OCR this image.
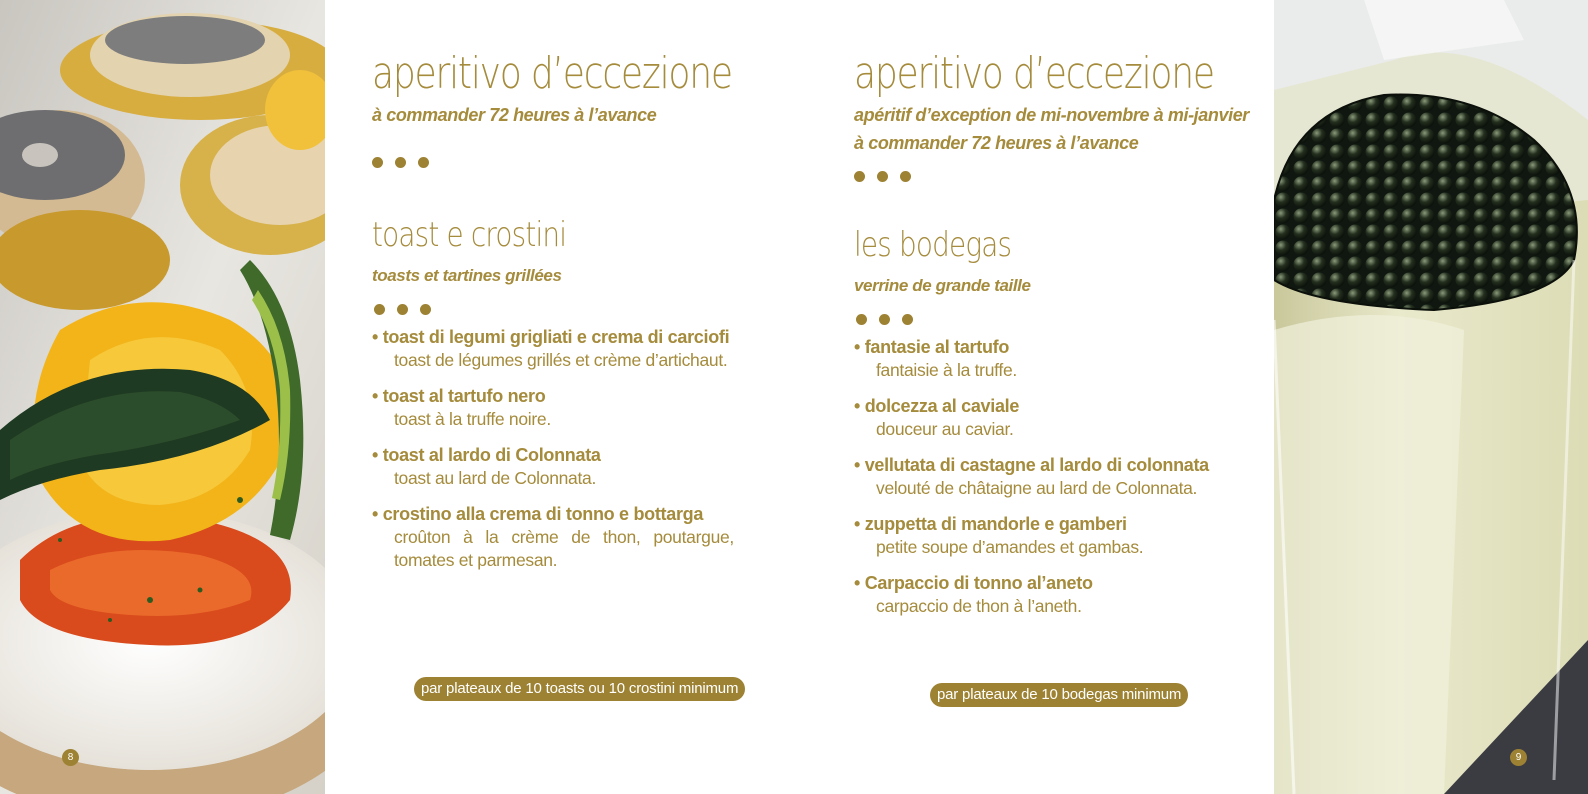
8
aperitivo d’eccezione
à commander 72 heures à l’avance
toast e crostini
toasts et tartines grillées
• toast di legumi grigliati e crema di carciofi
toast de légumes grillés et crème d’artichaut.
• toast al tartufo nero
toast à la truffe noire.
• toast al lardo di Colonnata
toast au lard de Colonnata.
• crostino alla crema di tonno e bottarga
croûton à la crème de thon, poutargue, tomates et parmesan.
par plateaux de 10 toasts ou 10 crostini minimum
aperitivo d’eccezione
apéritif d’exception de mi-novembre à mi-janvier
à commander 72 heures à l’avance
les bodegas
verrine de grande taille
• fantasie al tartufo
fantaisie à la truffe.
• dolcezza al caviale
douceur au caviar.
• vellutata di castagne al lardo di colonnata
velouté de châtaigne au lard de Colonnata.
• zuppetta di mandorle e gamberi
petite soupe d’amandes et gambas.
• Carpaccio di tonno al’aneto
carpaccio de thon à l’aneth.
par plateaux de 10 bodegas minimum
9
